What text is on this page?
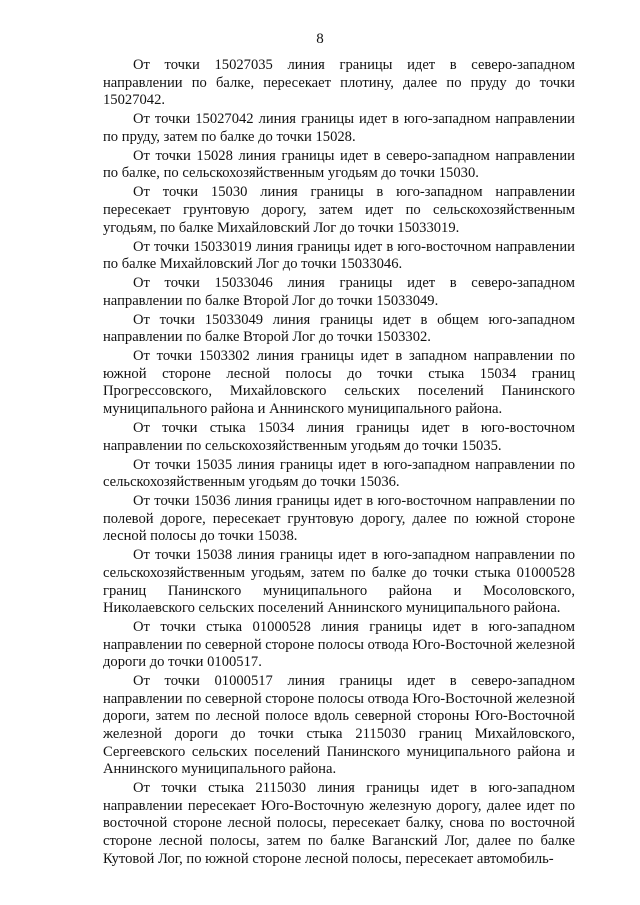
8

От точки 15027035 линия границы идет в северо-западном направлении по балке, пересекает плотину, далее по пруду до точки 15027042.

От точки 15027042 линия границы идет в юго-западном направлении по пруду, затем по балке до точки 15028.

От точки 15028 линия границы идет в северо-западном направлении по балке, по сельскохозяйственным угодьям до точки 15030.

От точки 15030 линия границы в юго-западном направлении пересекает грунтовую дорогу, затем идет по сельскохозяйственным угодьям, по балке Михайловский Лог до точки 15033019.

От точки 15033019 линия границы идет в юго-восточном направлении по балке Михайловский Лог до точки 15033046.

От точки 15033046 линия границы идет в северо-западном направлении по балке Второй Лог до точки 15033049.

От точки 15033049 линия границы идет в общем юго-западном направлении по балке Второй Лог до точки 1503302.

От точки 1503302 линия границы идет в западном направлении по южной стороне лесной полосы до точки стыка 15034 границ Прогрессовского, Михайловского сельских поселений Панинского муниципального района и Аннинского муниципального района.

От точки стыка 15034 линия границы идет в юго-восточном направлении по сельскохозяйственным угодьям до точки 15035.

От точки 15035 линия границы идет в юго-западном направлении по сельскохозяйственным угодьям до точки 15036.

От точки 15036 линия границы идет в юго-восточном направлении по полевой дороге, пересекает грунтовую дорогу, далее по южной стороне лесной полосы до точки 15038.

От точки 15038 линия границы идет в юго-западном направлении по сельскохозяйственным угодьям, затем по балке до точки стыка 01000528 границ Панинского муниципального района и Мосоловского, Николаевского сельских поселений Аннинского муниципального района.

От точки стыка 01000528 линия границы идет в юго-западном направлении по северной стороне полосы отвода Юго-Восточной железной дороги до точки 0100517.

От точки 01000517 линия границы идет в северо-западном направлении по северной стороне полосы отвода Юго-Восточной железной дороги, затем по лесной полосе вдоль северной стороны Юго-Восточной железной дороги до точки стыка 2115030 границ Михайловского, Сергеевского сельских поселений Панинского муниципального района и Аннинского муниципального района.

От точки стыка 2115030 линия границы идет в юго-западном направлении пересекает Юго-Восточную железную дорогу, далее идет по восточной стороне лесной полосы, пересекает балку, снова по восточной стороне лесной полосы, затем по балке Ваганский Лог, далее по балке Кутовой Лог, по южной стороне лесной полосы, пересекает автомобиль-
